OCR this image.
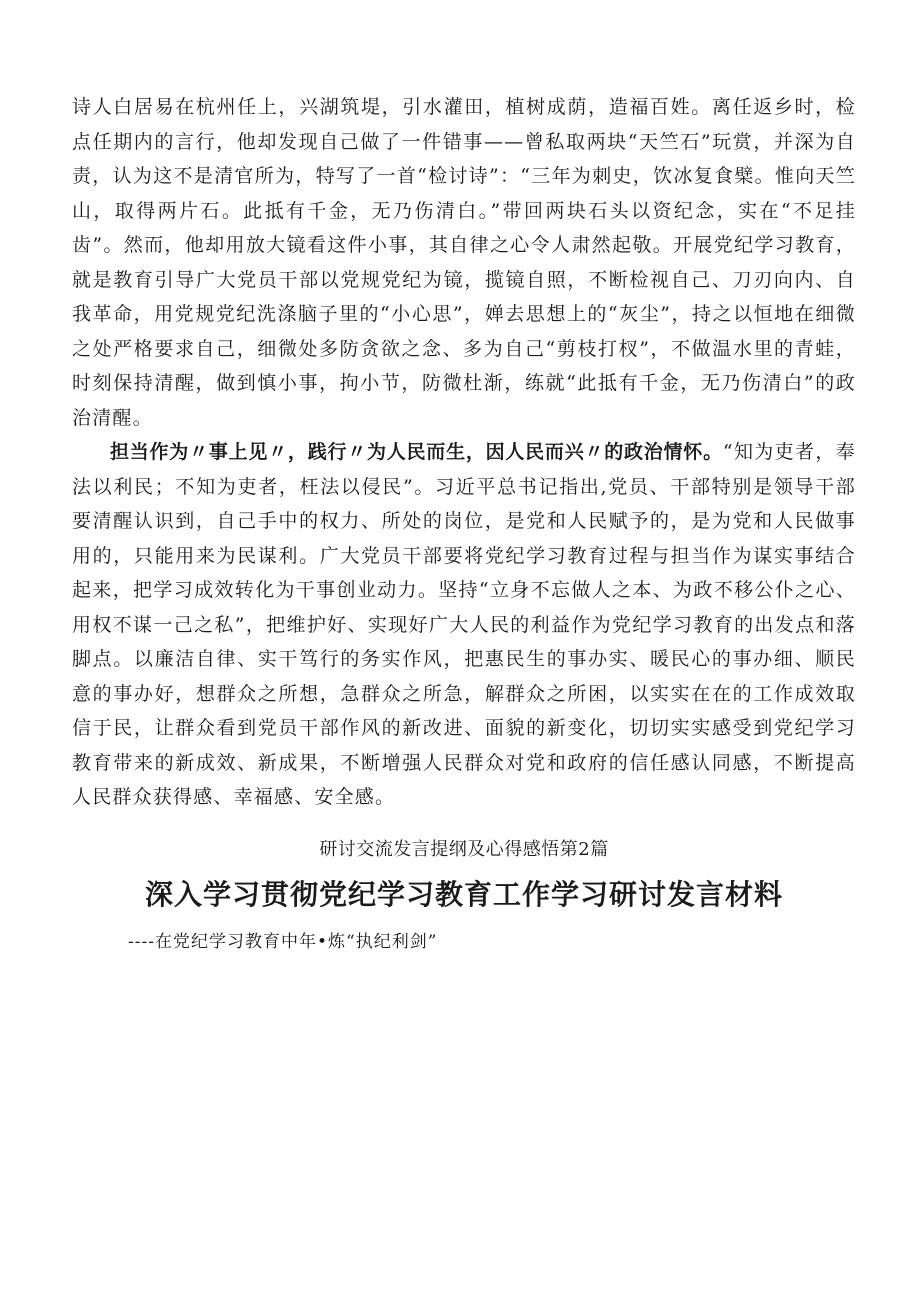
诗人白居易在杭州任上，兴湖筑堤，引水灌田，植树成荫，造福百姓。离任返乡时，检点任期内的言行，他却发现自己做了一件错事——曾私取两块“天竺石”玩赏，并深为自责，认为这不是清官所为，特写了一首“检讨诗”：“三年为刺史，饮冰复食檗。惟向天竺山，取得两片石。此抵有千金，无乃伤清白。”带回两块石头以资纪念，实在“不足挂齿”。然而，他却用放大镜看这件小事，其自律之心令人肃然起敬。开展党纪学习教育，就是教育引导广大党员干部以党规党纪为镜，揽镜自照，不断检视自己、刀刃向内、自我革命，用党规党纪洗涤脑子里的“小心思”，婵去思想上的“灰尘”，持之以恒地在细微之处严格要求自己，细微处多防贪欲之念、多为自己“剪枝打杈”，不做温水里的青蛙，时刻保持清醒，做到慎小事，拘小节，防微杜渐，练就“此抵有千金，无乃伤清白”的政治清醒。

担当作为〃事上见〃，践行〃为人民而生，因人民而兴〃的政治情怀。“知为吏者，奉法以利民；不知为吏者，枉法以侵民”。习近平总书记指出,党员、干部特别是领导干部要清醒认识到，自己手中的权力、所处的岗位，是党和人民赋予的，是为党和人民做事用的，只能用来为民谋利。广大党员干部要将党纪学习教育过程与担当作为谋实事结合起来，把学习成效转化为干事创业动力。坚持“立身不忘做人之本、为政不移公仆之心、用权不谋一己之私”，把维护好、实现好广大人民的利益作为党纪学习教育的出发点和落脚点。以廉洁自律、实干笃行的务实作风，把惠民生的事办实、暖民心的事办细、顺民意的事办好，想群众之所想，急群众之所急，解群众之所困，以实实在在的工作成效取信于民，让群众看到党员干部作风的新改进、面貌的新变化，切切实实感受到党纪学习教育带来的新成效、新成果，不断增强人民群众对党和政府的信任感认同感，不断提高人民群众获得感、幸福感、安全感。

研讨交流发言提纲及心得感悟第2篇

深入学习贯彻党纪学习教育工作学习研讨发言材料

----在党纪学习教育中年•炼“执纪利剑”
